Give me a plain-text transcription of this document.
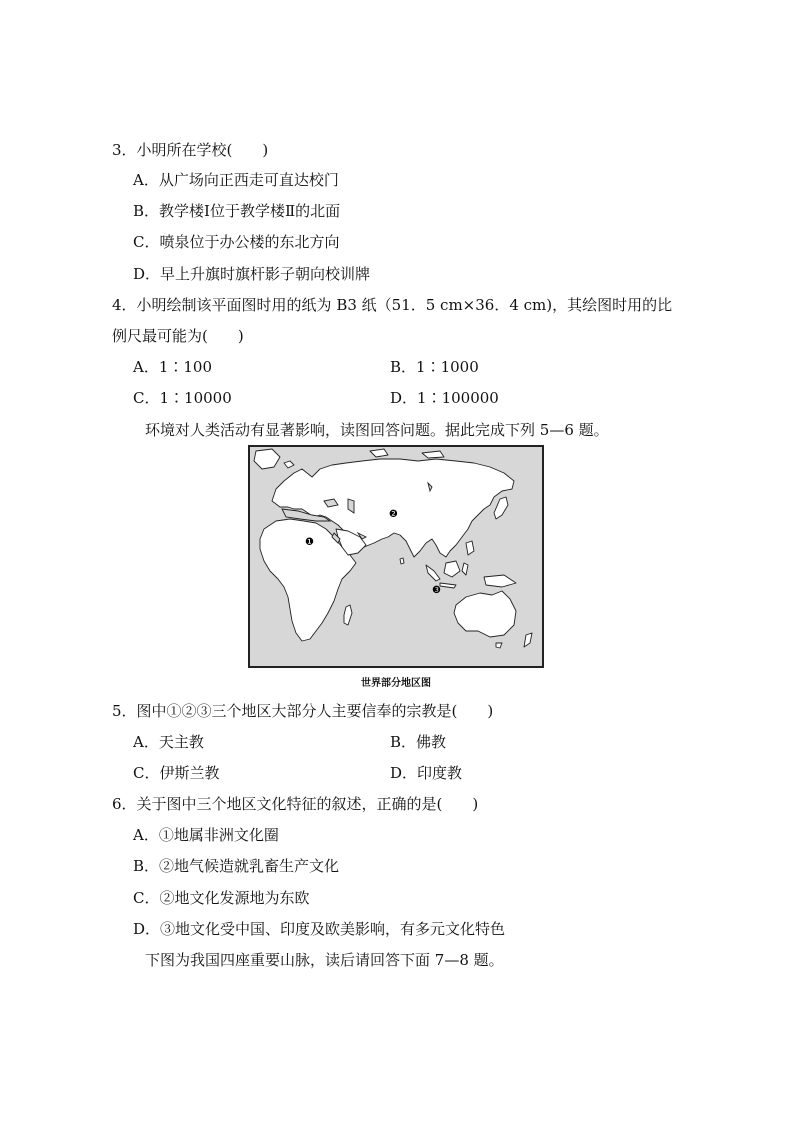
3．小明所在学校(　　)
A．从广场向正西走可直达校门
B．教学楼Ⅰ位于教学楼Ⅱ的北面
C．喷泉位于办公楼的东北方向
D．早上升旗时旗杆影子朝向校训牌
4．小明绘制该平面图时用的纸为 B3 纸（51．5 cm×36．4 cm)，其绘图时用的比
例尺最可能为(　　)
A．1∶100	B．1∶1000
C．1∶10000	D．1∶100000
环境对人类活动有显著影响，读图回答问题。据此完成下列 5—6 题。
❶
❷
❸
世界部分地区图
5．图中①②③三个地区大部分人主要信奉的宗教是(　　)
A．天主教	B．佛教
C．伊斯兰教	D．印度教
6．关于图中三个地区文化特征的叙述，正确的是(　　)
A．①地属非洲文化圈
B．②地气候造就乳畜生产文化
C．②地文化发源地为东欧
D．③地文化受中国、印度及欧美影响，有多元文化特色
下图为我国四座重要山脉，读后请回答下面 7—8 题。
